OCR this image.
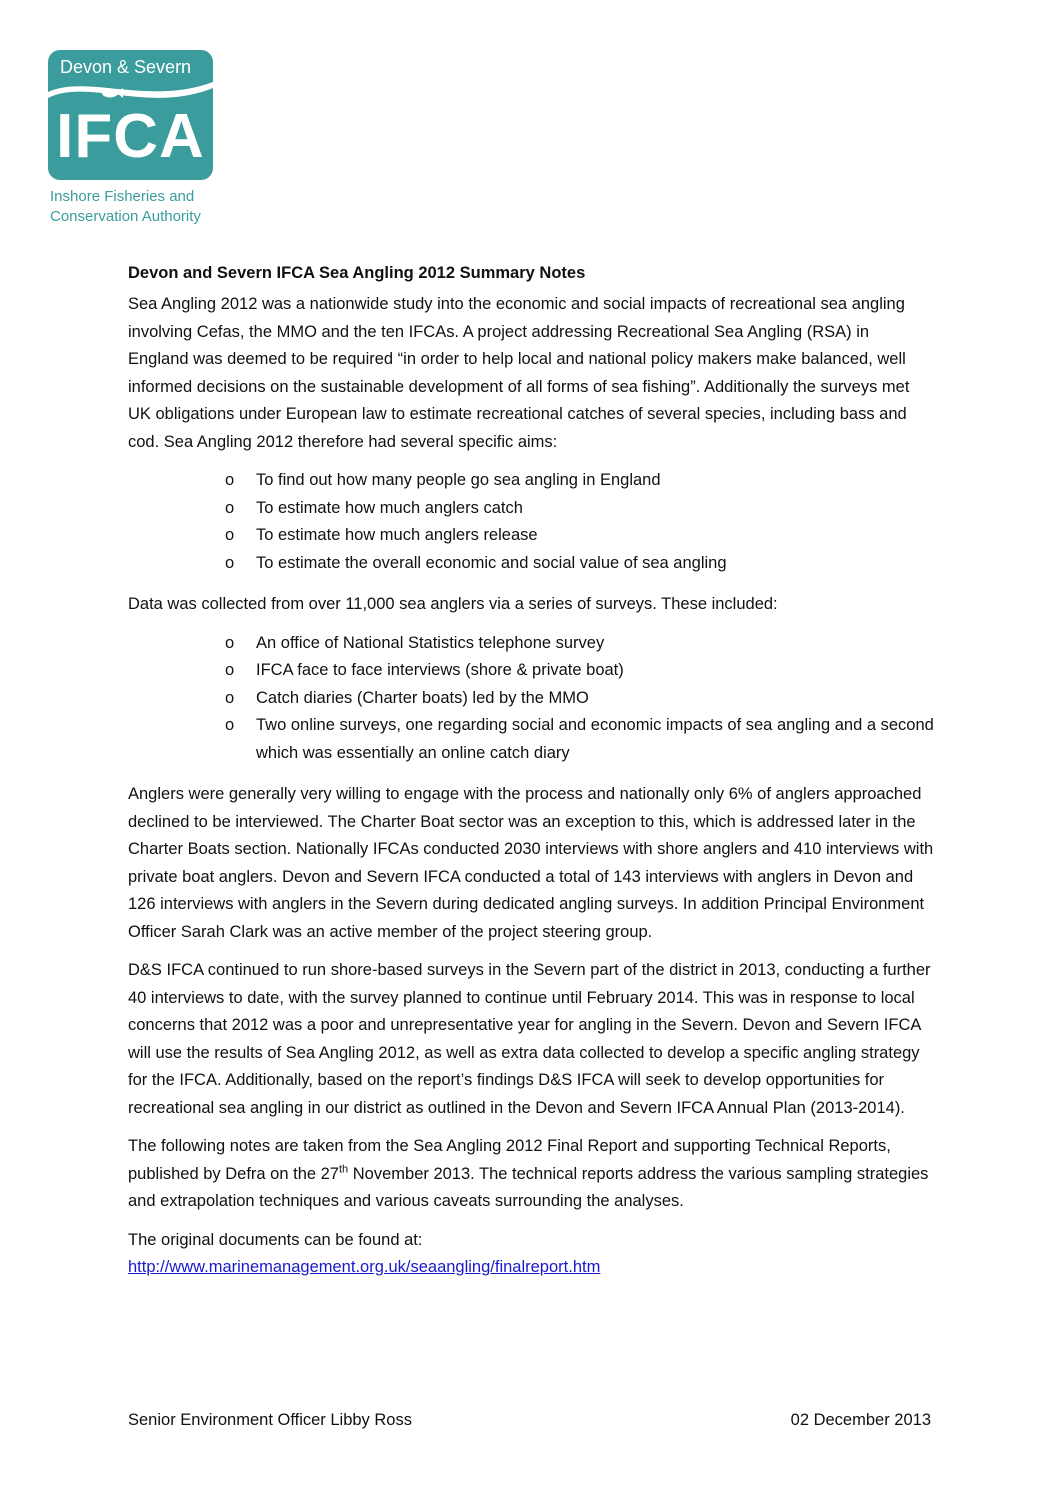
Devon & Severn
IFCA
Inshore Fisheries and
Conservation Authority
Devon and Severn IFCA Sea Angling 2012 Summary Notes

Sea Angling 2012 was a nationwide study into the economic and social impacts of recreational sea angling involving Cefas, the MMO and the ten IFCAs. A project addressing Recreational Sea Angling (RSA) in England was deemed to be required “in order to help local and national policy makers make balanced, well informed decisions on the sustainable development of all forms of sea fishing”. Additionally the surveys met UK obligations under European law to estimate recreational catches of several species, including bass and cod. Sea Angling 2012 therefore had several specific aims:

o To find out how many people go sea angling in England
o To estimate how much anglers catch
o To estimate how much anglers release
o To estimate the overall economic and social value of sea angling

Data was collected from over 11,000 sea anglers via a series of surveys. These included:

o An office of National Statistics telephone survey
o IFCA face to face interviews (shore & private boat)
o Catch diaries (Charter boats) led by the MMO
o Two online surveys, one regarding social and economic impacts of sea angling and a second which was essentially an online catch diary

Anglers were generally very willing to engage with the process and nationally only 6% of anglers approached declined to be interviewed. The Charter Boat sector was an exception to this, which is addressed later in the Charter Boats section. Nationally IFCAs conducted 2030 interviews with shore anglers and 410 interviews with private boat anglers. Devon and Severn IFCA conducted a total of 143 interviews with anglers in Devon and 126 interviews with anglers in the Severn during dedicated angling surveys. In addition Principal Environment Officer Sarah Clark was an active member of the project steering group.

D&S IFCA continued to run shore-based surveys in the Severn part of the district in 2013, conducting a further 40 interviews to date, with the survey planned to continue until February 2014. This was in response to local concerns that 2012 was a poor and unrepresentative year for angling in the Severn. Devon and Severn IFCA will use the results of Sea Angling 2012, as well as extra data collected to develop a specific angling strategy for the IFCA. Additionally, based on the report’s findings D&S IFCA will seek to develop opportunities for recreational sea angling in our district as outlined in the Devon and Severn IFCA Annual Plan (2013-2014).

The following notes are taken from the Sea Angling 2012 Final Report and supporting Technical Reports, published by Defra on the 27th November 2013. The technical reports address the various sampling strategies and extrapolation techniques and various caveats surrounding the analyses.

The original documents can be found at:
http://www.marinemanagement.org.uk/seaangling/finalreport.htm

Senior Environment Officer Libby Ross	02 December 2013
